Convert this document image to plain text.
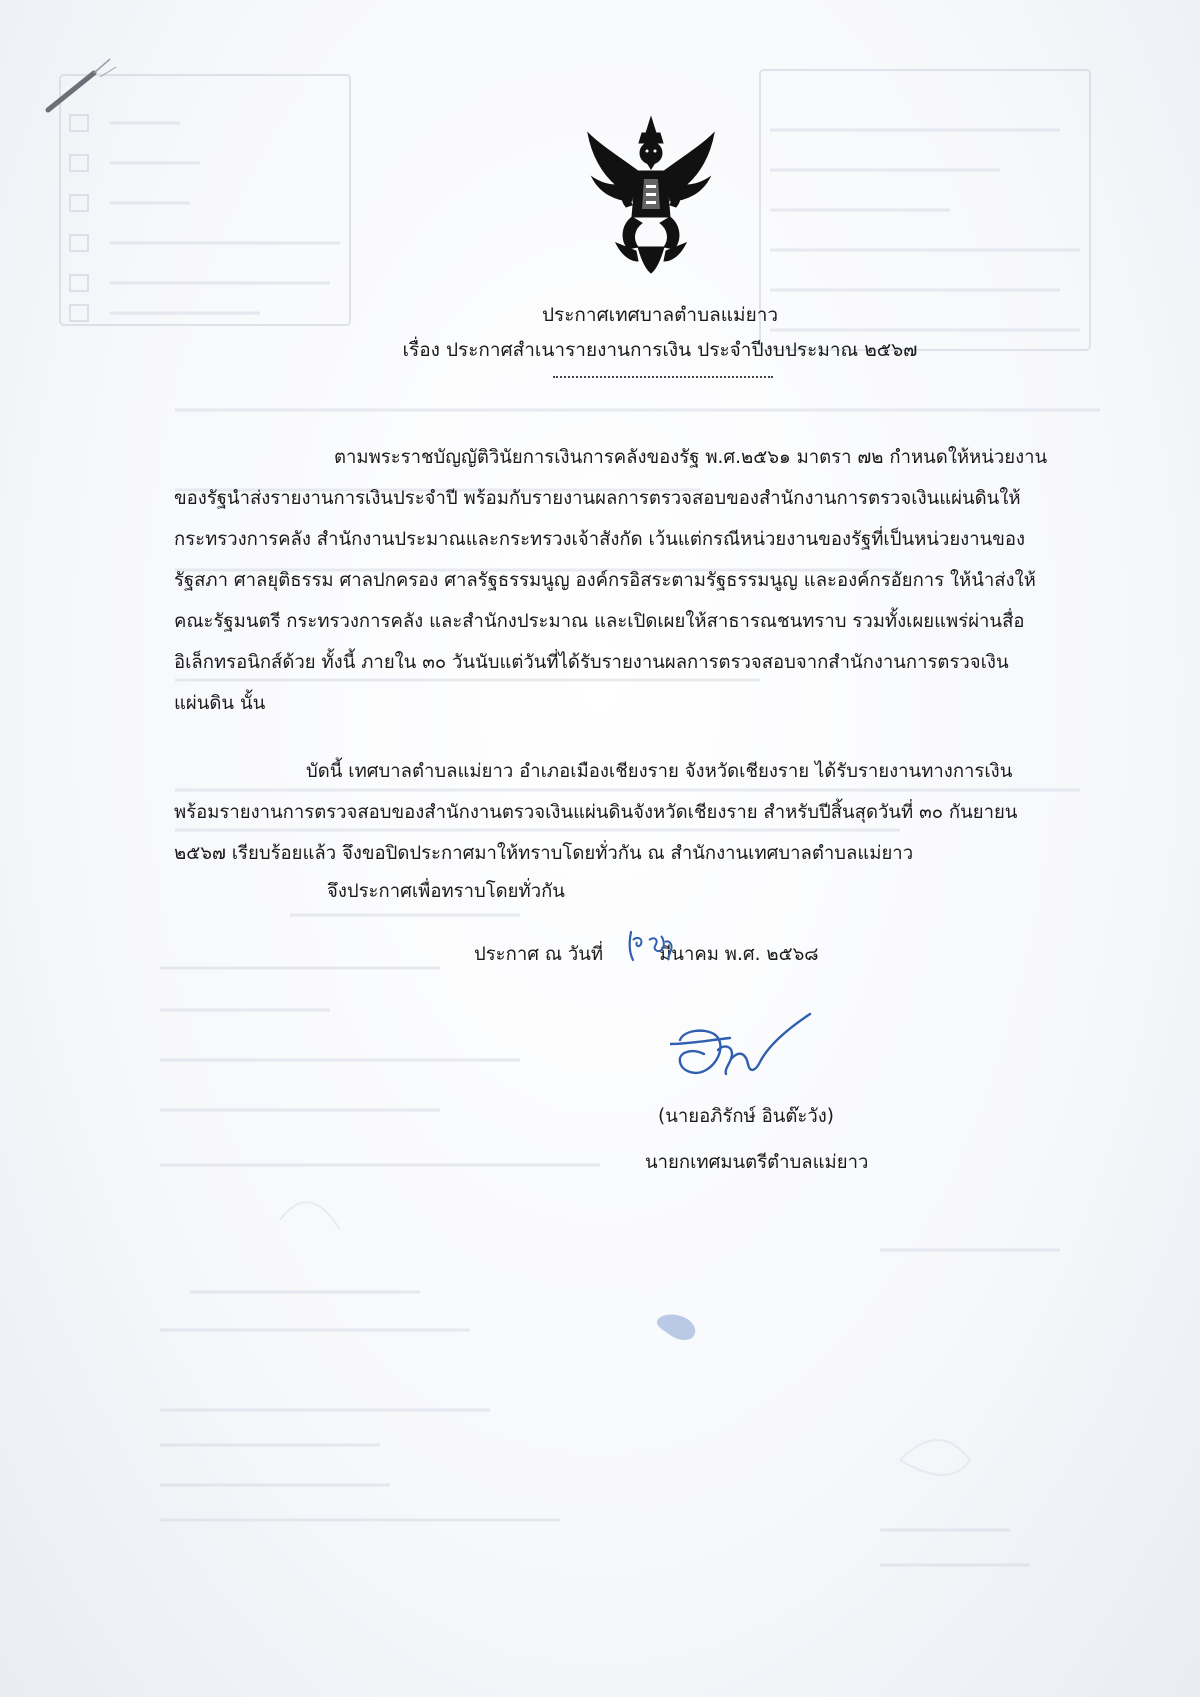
ประกาศเทศบาลตำบลแม่ยาว
เรื่อง ประกาศสำเนารายงานการเงิน ประจำปีงบประมาณ ๒๕๖๗
ตามพระราชบัญญัติวินัยการเงินการคลังของรัฐ พ.ศ.๒๕๖๑ มาตรา ๗๒ กำหนดให้หน่วยงาน
ของรัฐนำส่งรายงานการเงินประจำปี พร้อมกับรายงานผลการตรวจสอบของสำนักงานการตรวจเงินแผ่นดินให้
กระทรวงการคลัง สำนักงานประมาณและกระทรวงเจ้าสังกัด เว้นแต่กรณีหน่วยงานของรัฐที่เป็นหน่วยงานของ
รัฐสภา ศาลยุติธรรม ศาลปกครอง ศาลรัฐธรรมนูญ องค์กรอิสระตามรัฐธรรมนูญ และองค์กรอัยการ ให้นำส่งให้
คณะรัฐมนตรี กระทรวงการคลัง และสำนักงประมาณ และเปิดเผยให้สาธารณชนทราบ รวมทั้งเผยแพร่ผ่านสื่อ
อิเล็กทรอนิกส์ด้วย ทั้งนี้ ภายใน ๓๐ วันนับแต่วันที่ได้รับรายงานผลการตรวจสอบจากสำนักงานการตรวจเงิน
แผ่นดิน นั้น
บัดนี้ เทศบาลตำบลแม่ยาว อำเภอเมืองเชียงราย จังหวัดเชียงราย ได้รับรายงานทางการเงิน
พร้อมรายงานการตรวจสอบของสำนักงานตรวจเงินแผ่นดินจังหวัดเชียงราย สำหรับปีสิ้นสุดวันที่ ๓๐ กันยายน
๒๕๖๗ เรียบร้อยแล้ว จึงขอปิดประกาศมาให้ทราบโดยทั่วกัน ณ สำนักงานเทศบาลตำบลแม่ยาว
จึงประกาศเพื่อทราบโดยทั่วกัน
ประกาศ ณ วันที่	มีนาคม พ.ศ. ๒๕๖๘
(นายอภิรักษ์ อินต๊ะวัง)
นายกเทศมนตรีตำบลแม่ยาว
